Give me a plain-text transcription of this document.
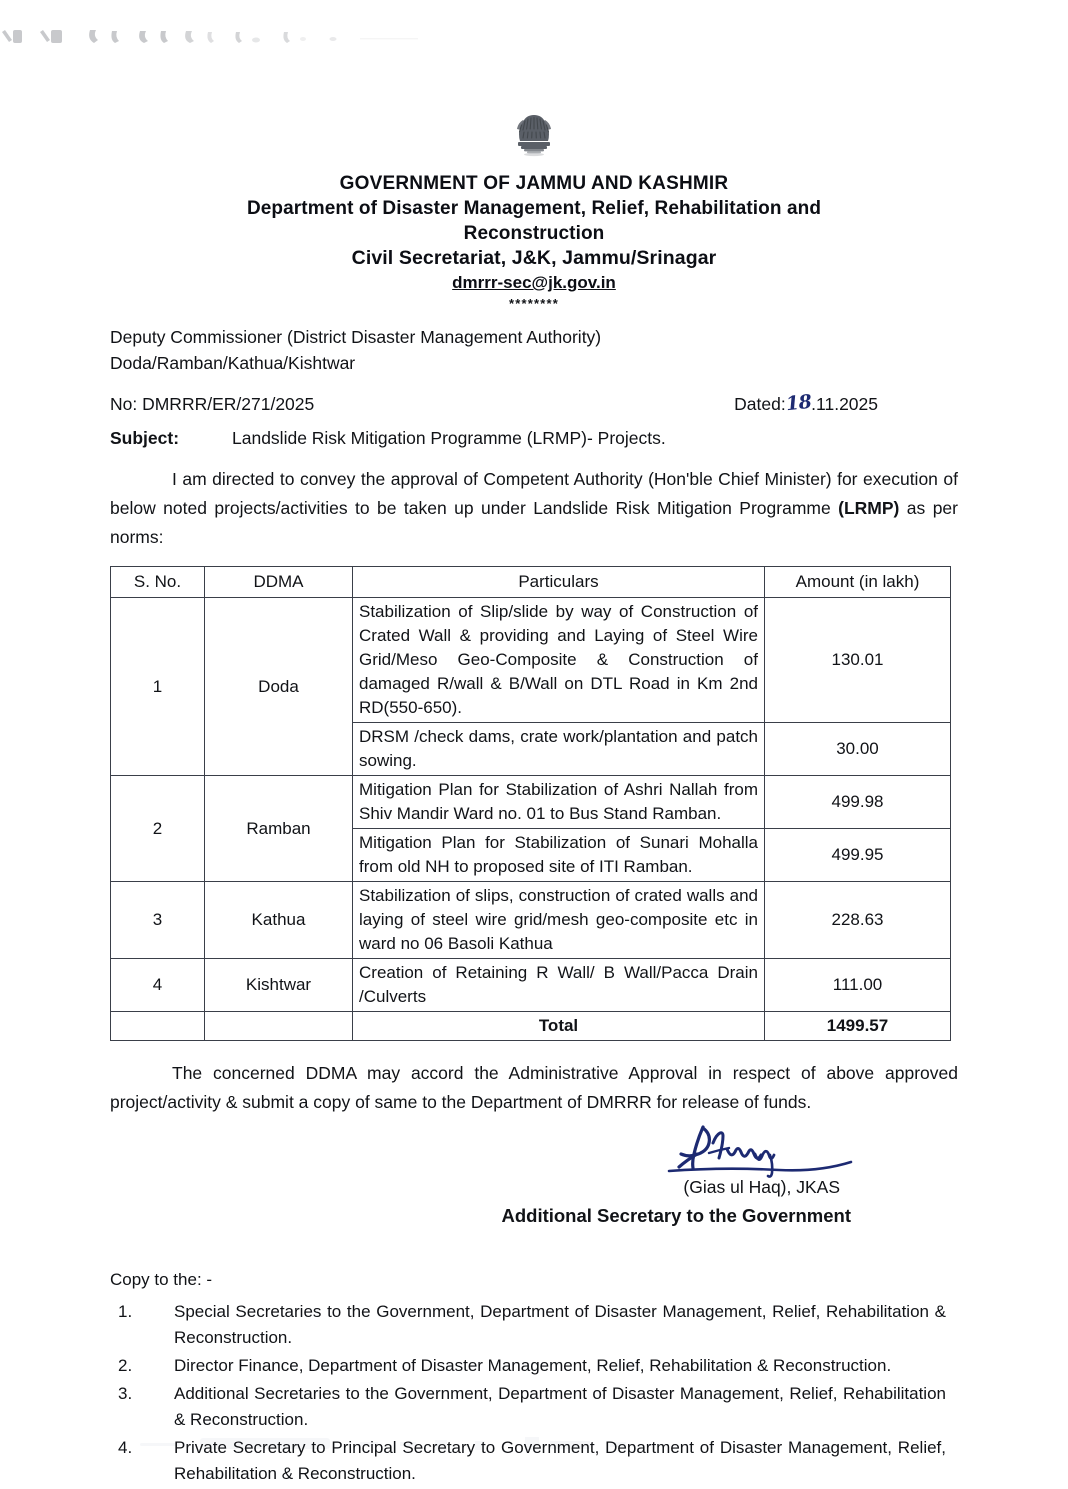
GOVERNMENT OF JAMMU AND KASHMIR
Department of Disaster Management, Relief, Rehabilitation and
Reconstruction
Civil Secretariat, J&K, Jammu/Srinagar
dmrrr-sec@jk.gov.in
********
Deputy Commissioner (District Disaster Management Authority)
Doda/Ramban/Kathua/Kishtwar
No: DMRRR/ER/271/2025	Dated:18.11.2025
Subject:	Landslide Risk Mitigation Programme (LRMP)- Projects.
I am directed to convey the approval of Competent Authority (Hon'ble Chief Minister) for execution of below noted projects/activities to be taken up under Landslide Risk Mitigation Programme (LRMP) as per norms:
S. No.	DDMA	Particulars	Amount (in lakh)
1	Doda	Stabilization of Slip/slide by way of Construction of Crated Wall & providing and Laying of Steel Wire Grid/Meso Geo-Composite & Construction of damaged R/wall & B/Wall on DTL Road in Km 2nd RD(550-650).	130.01
		DRSM /check dams, crate work/plantation and patch sowing.	30.00
2	Ramban	Mitigation Plan for Stabilization of Ashri Nallah from Shiv Mandir Ward no. 01 to Bus Stand Ramban.	499.98
		Mitigation Plan for Stabilization of Sunari Mohalla from old NH to proposed site of ITI Ramban.	499.95
3	Kathua	Stabilization of slips, construction of crated walls and laying of steel wire grid/mesh geo-composite etc in ward no 06 Basoli Kathua	228.63
4	Kishtwar	Creation of Retaining R Wall/ B Wall/Pacca Drain /Culverts	111.00
		Total	1499.57
The concerned DDMA may accord the Administrative Approval in respect of above approved project/activity & submit a copy of same to the Department of DMRRR for release of funds.
(Gias ul Haq), JKAS
Additional Secretary to the Government
Copy to the: -
1.	Special Secretaries to the Government, Department of Disaster Management, Relief, Rehabilitation & Reconstruction.
2.	Director Finance, Department of Disaster Management, Relief, Rehabilitation & Reconstruction.
3.	Additional Secretaries to the Government, Department of Disaster Management, Relief, Rehabilitation & Reconstruction.
4.	Private Secretary to Principal Secretary to Government, Department of Disaster Management, Relief, Rehabilitation & Reconstruction.
